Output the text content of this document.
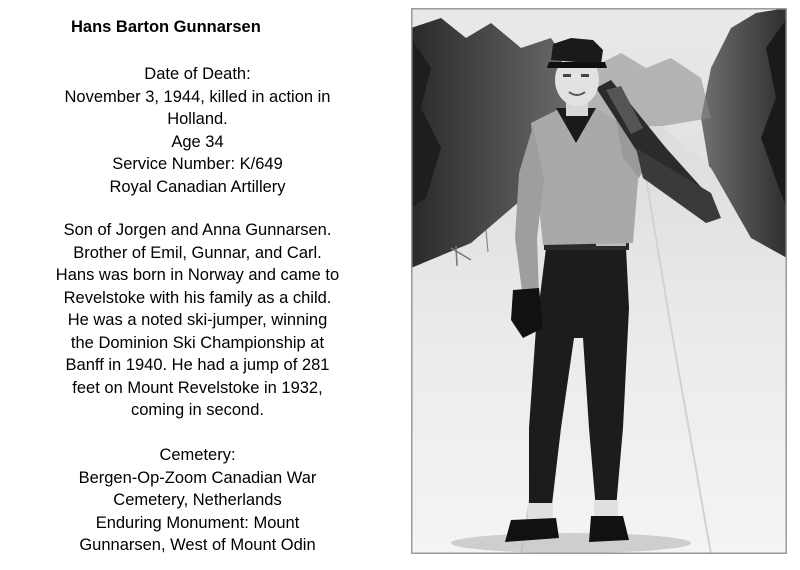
Hans Barton Gunnarsen
Date of Death:
November 3, 1944, killed in action in
Holland.
Age 34
Service Number: K/649
Royal Canadian Artillery
Son of Jorgen and Anna Gunnarsen.
Brother of Emil, Gunnar, and Carl.
Hans was born in Norway and came to
Revelstoke with his family as a child.
He was a noted ski-jumper, winning
the Dominion Ski Championship at
Banff in 1940. He had a jump of 281
feet on Mount Revelstoke in 1932,
coming in second.
Cemetery:
Bergen-Op-Zoom Canadian War
Cemetery, Netherlands
Enduring Monument: Mount
Gunnarsen, West of Mount Odin
